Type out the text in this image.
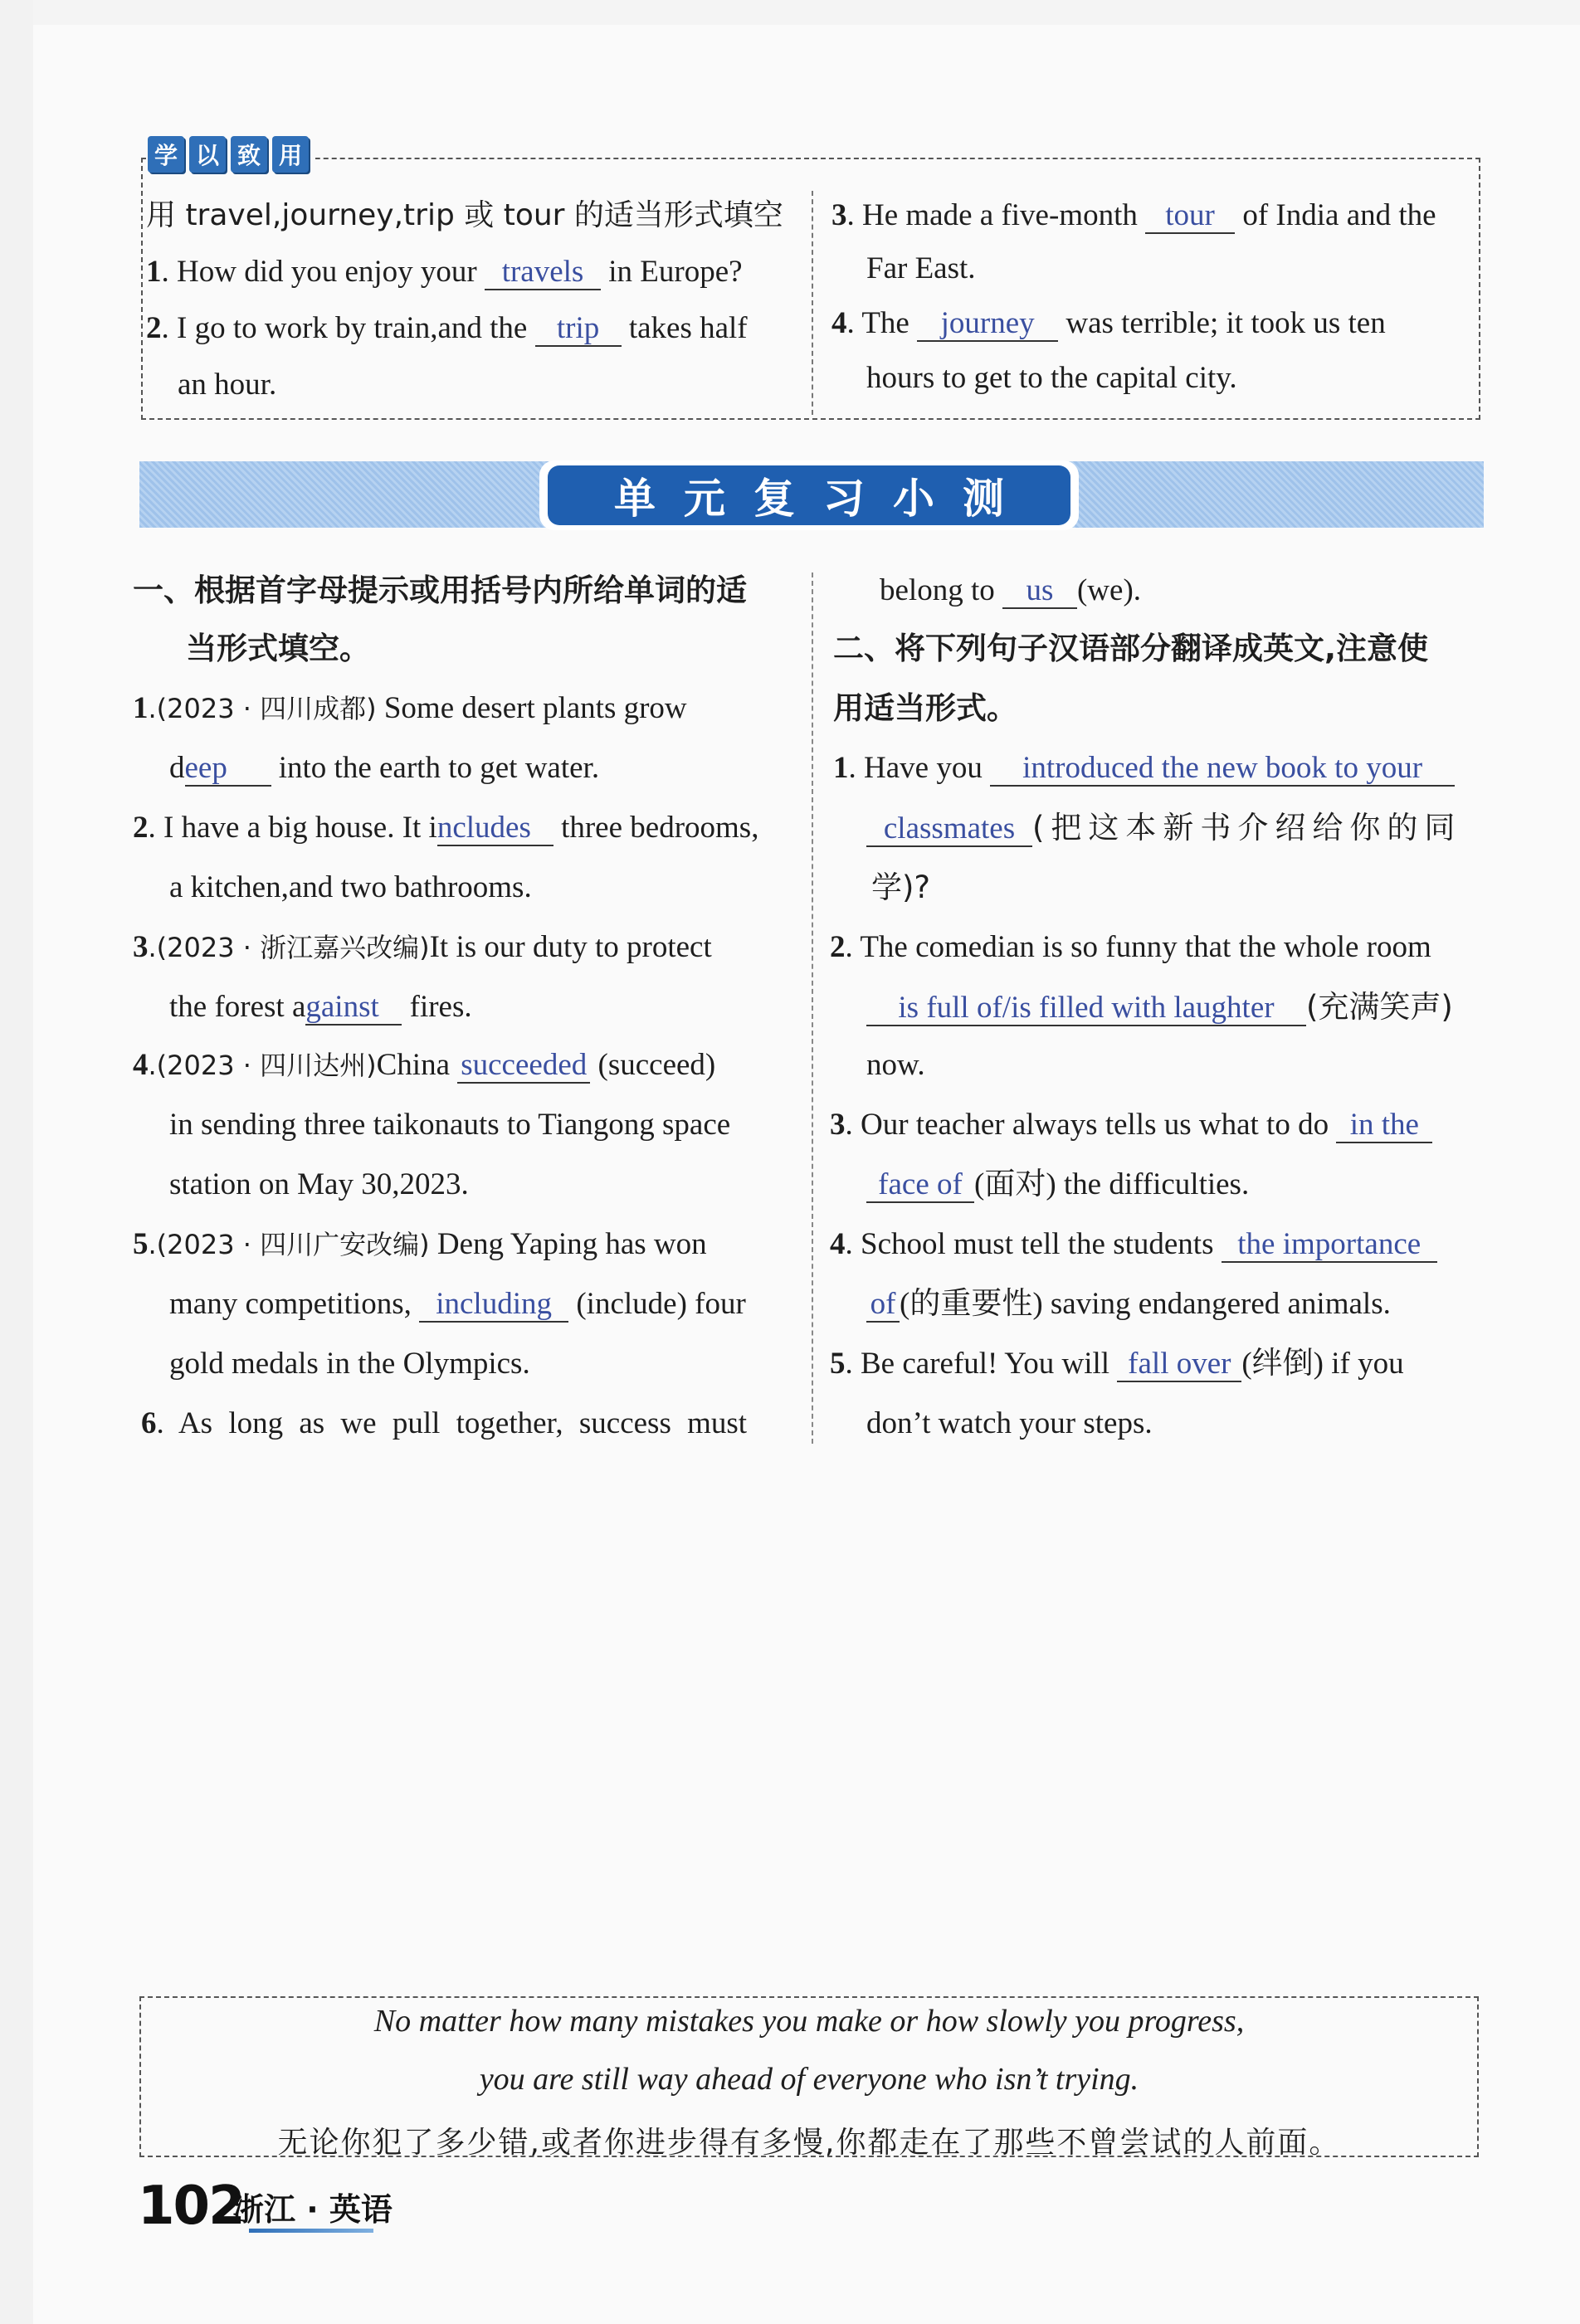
学 以 致 用
用 travel,journey,trip 或 tour 的适当形式填空
1. How did you enjoy your travels in Europe?
2. I go to work by train,and the trip takes half
an hour.
3. He made a five-month tour of India and the
Far East.
4. The journey was terrible; it took us ten
hours to get to the capital city.
单元复习小测
一、根据首字母提示或用括号内所给单词的适
当形式填空。
1.(2023 · 四川成都) Some desert plants grow
deep into the earth to get water.
2. I have a big house. It includes three bedrooms,
a kitchen,and two bathrooms.
3.(2023 · 浙江嘉兴改编)It is our duty to protect
the forest against fires.
4.(2023 · 四川达州)China succeeded (succeed)
in sending three taikonauts to Tiangong space
station on May 30,2023.
5.(2023 · 四川广安改编) Deng Yaping has won
many competitions, including (include) four
gold medals in the Olympics.
6. As long as we pull together, success must
belong to us (we).
二、将下列句子汉语部分翻译成英文,注意使
用适当形式。
1. Have you introduced the new book to your
classmates (把这本新书介绍给你的同
学)?
2. The comedian is so funny that the whole room
is full of/is filled with laughter (充满笑声)
now.
3. Our teacher always tells us what to do in the
face of (面对) the difficulties.
4. School must tell the students the importance
of (的重要性) saving endangered animals.
5. Be careful! You will fall over (绊倒) if you
don’t watch your steps.
No matter how many mistakes you make or how slowly you progress,
you are still way ahead of everyone who isn’t trying.
无论你犯了多少错,或者你进步得有多慢,你都走在了那些不曾尝试的人前面。
102
浙江 · 英语
